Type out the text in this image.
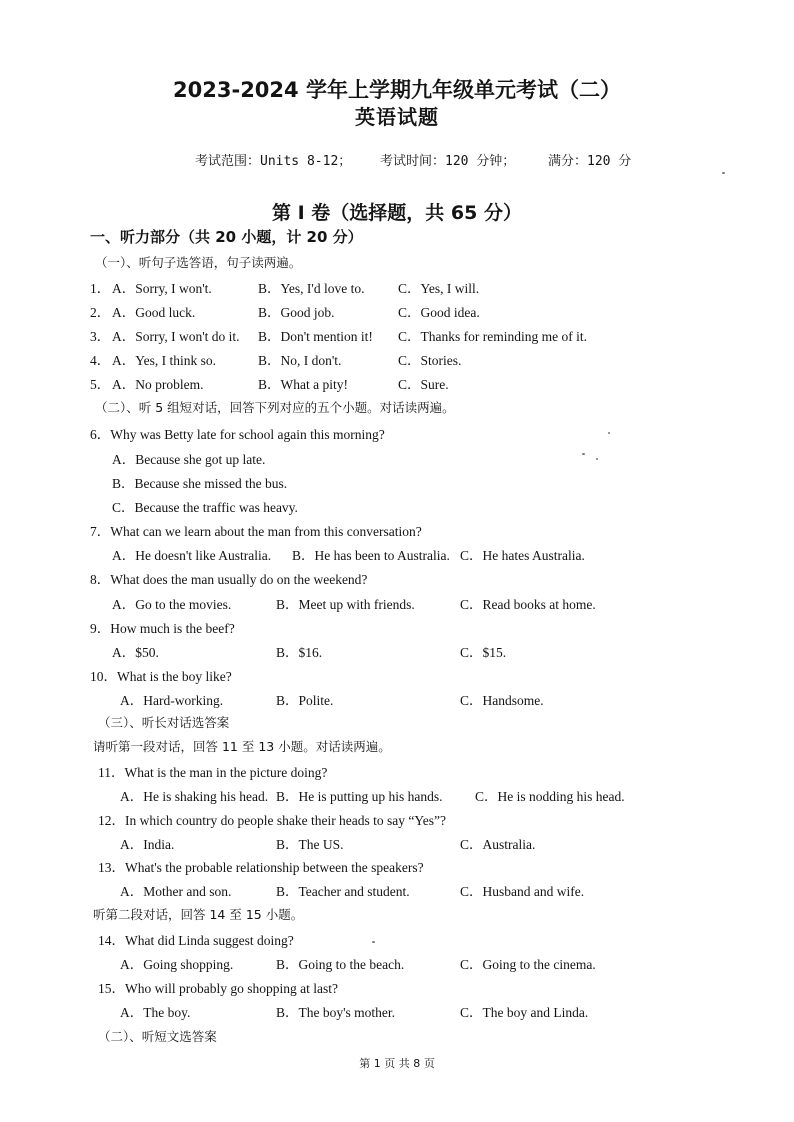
2023-2024 学年上学期九年级单元考试（二）
英语试题
考试范围：Units 8-12； 考试时间：120 分钟；	满分：120 分
第 I 卷（选择题，共 65 分）
一、听力部分（共 20 小题，计 20 分）
（一）、听句子选答语，句子读两遍。
1． A．Sorry, I won't.	B．Yes, I'd love to. C．Yes, I will.
2． A．Good luck.	B．Good job.	C．Good idea.
3． A．Sorry, I won't do it. B．Don't mention it! C．Thanks for reminding me of it.
4． A．Yes, I think so.	B．No, I don't.	C．Stories.
5． A．No problem.	B．What a pity!	C．Sure.
（二）、听 5 组短对话，回答下列对应的五个小题。对话读两遍。
6．Why was Betty late for school again this morning?
A．Because she got up late.
B．Because she missed the bus.
C．Because the traffic was heavy.
7．What can we learn about the man from this conversation?
A．He doesn't like Australia. B．He has been to Australia. C．He hates Australia.
8．What does the man usually do on the weekend?
A．Go to the movies.	B．Meet up with friends.	C．Read books at home.
9．How much is the beef?
A．$50.	B．$16.	C．$15.
10．What is the boy like?
A．Hard-working.	B．Polite.	C．Handsome.
（三）、听长对话选答案
请听第一段对话，回答 11 至 13 小题。对话读两遍。
11．What is the man in the picture doing?
A．He is shaking his head. B．He is putting up his hands. C．He is nodding his head.
12．In which country do people shake their heads to say “Yes”?
A．India.	B．The US.	C．Australia.
13．What's the probable relationship between the speakers?
A．Mother and son.	B．Teacher and student.	C．Husband and wife.
听第二段对话，回答 14 至 15 小题。
14．What did Linda suggest doing?
A．Going shopping.	B．Going to the beach.	C．Going to the cinema.
15．Who will probably go shopping at last?
A．The boy.	B．The boy's mother.	C．The boy and Linda.
（二）、听短文选答案
第 1 页 共 8 页
